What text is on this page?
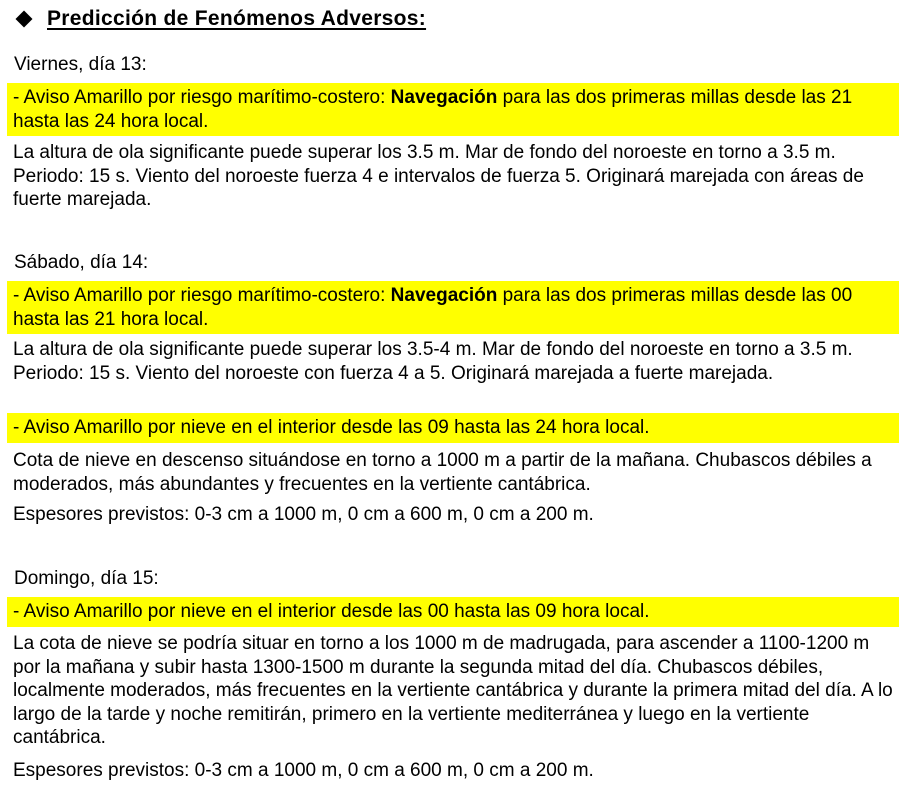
Predicción de Fenómenos Adversos:
Viernes, día 13:
- Aviso Amarillo por riesgo marítimo-costero: Navegación para las dos primeras millas desde las 21 hasta las 24 hora local.
La altura de ola significante puede superar los 3.5 m. Mar de fondo del noroeste en torno a 3.5 m. Periodo: 15 s. Viento del noroeste fuerza 4 e intervalos de fuerza 5. Originará marejada con áreas de fuerte marejada.
Sábado, día 14:
- Aviso Amarillo por riesgo marítimo-costero: Navegación para las dos primeras millas desde las 00 hasta las 21 hora local.
La altura de ola significante puede superar los 3.5-4 m. Mar de fondo del noroeste en torno a 3.5 m. Periodo: 15 s. Viento del noroeste con fuerza 4 a 5. Originará marejada a fuerte marejada.
- Aviso Amarillo por nieve en el interior desde las 09 hasta las 24 hora local.
Cota de nieve en descenso situándose en torno a 1000 m a partir de la mañana. Chubascos débiles a moderados, más abundantes y frecuentes en la vertiente cantábrica.
Espesores previstos: 0-3 cm a 1000 m, 0 cm a 600 m, 0 cm a 200 m.
Domingo, día 15:
- Aviso Amarillo por nieve en el interior desde las 00 hasta las 09 hora local.
La cota de nieve se podría situar en torno a los 1000 m de madrugada, para ascender a 1100-1200 m por la mañana y subir hasta 1300-1500 m durante la segunda mitad del día. Chubascos débiles, localmente moderados, más frecuentes en la vertiente cantábrica y durante la primera mitad del día. A lo largo de la tarde y noche remitirán, primero en la vertiente mediterránea y luego en la vertiente cantábrica.
Espesores previstos: 0-3 cm a 1000 m, 0 cm a 600 m, 0 cm a 200 m.
